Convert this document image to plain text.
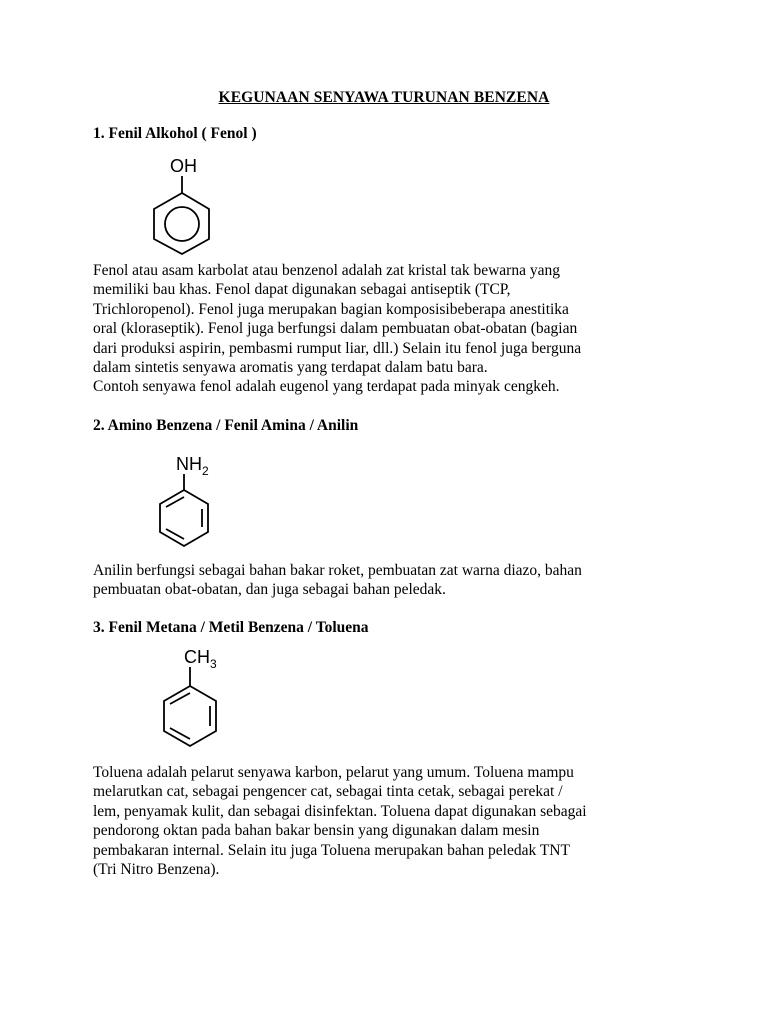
KEGUNAAN SENYAWA TURUNAN BENZENA
1. Fenil Alkohol ( Fenol )
OH

Fenol atau asam karbolat atau benzenol adalah zat kristal tak bewarna yang

memiliki bau khas. Fenol dapat digunakan sebagai antiseptik (TCP,

Trichloropenol). Fenol juga merupakan bagian komposisibeberapa anestitika

oral (kloraseptik). Fenol juga berfungsi dalam pembuatan obat-obatan (bagian

dari produksi aspirin, pembasmi rumput liar, dll.) Selain itu fenol juga berguna

dalam sintetis senyawa aromatis yang terdapat dalam batu bara.

Contoh senyawa fenol adalah eugenol yang terdapat pada minyak cengkeh.

2. Amino Benzena / Fenil Amina / Anilin
$NH_2$

Anilin berfungsi sebagai bahan bakar roket, pembuatan zat warna diazo, bahan

pembuatan obat-obatan, dan juga sebagai bahan peledak.

3. Fenil Metana / Metil Benzena / Toluena
$CH_3$

Toluena adalah pelarut senyawa karbon, pelarut yang umum. Toluena mampu

melarutkan cat, sebagai pengencer cat, sebagai tinta cetak, sebagai perekat /

lem, penyamak kulit, dan sebagai disinfektan. Toluena dapat digunakan sebagai

pendorong oktan pada bahan bakar bensin yang digunakan dalam mesin

pembakaran internal. Selain itu juga Toluena merupakan bahan peledak TNT

(Tri Nitro Benzena).
